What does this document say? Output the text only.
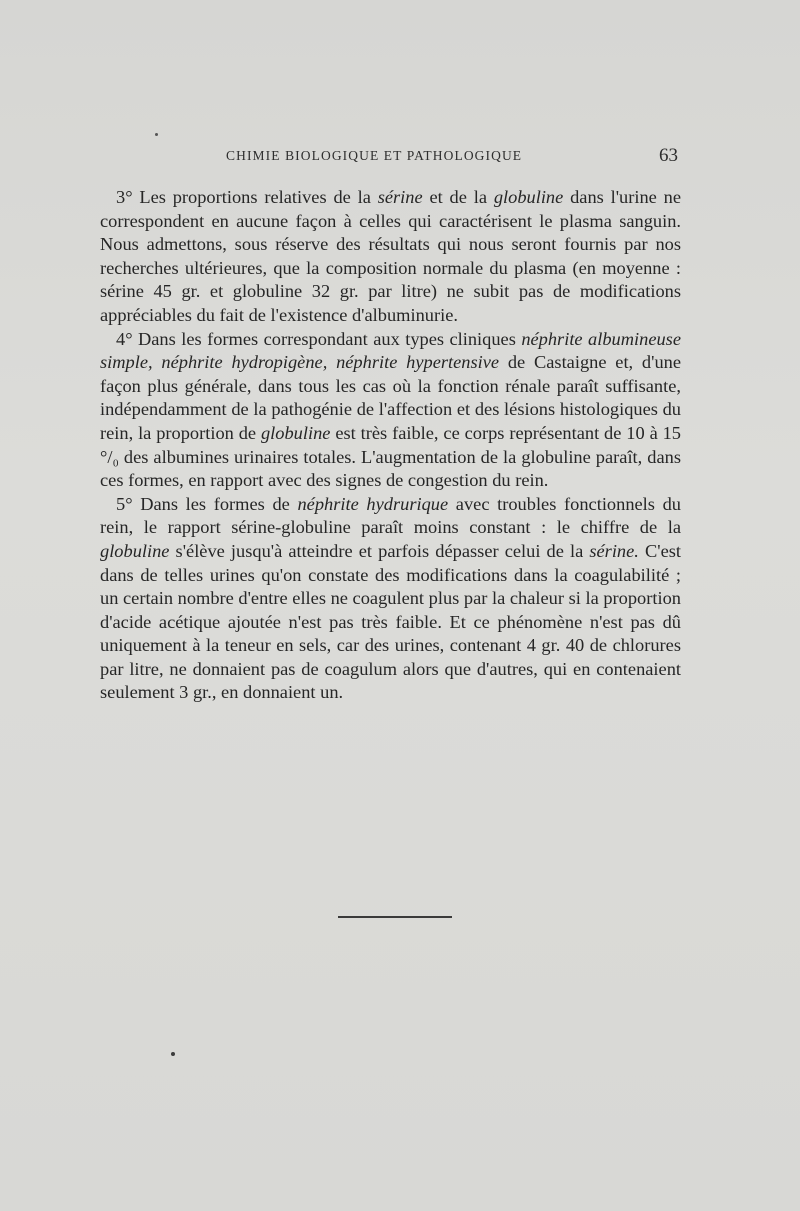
CHIMIE BIOLOGIQUE ET PATHOLOGIQUE	63

3° Les proportions relatives de la sérine et de la globuline dans l'urine ne correspondent en aucune façon à celles qui caractérisent le plasma sanguin. Nous admettons, sous réserve des résultats qui nous seront fournis par nos recherches ultérieures, que la composition normale du plasma (en moyenne : sérine 45 gr. et globuline 32 gr. par litre) ne subit pas de modifications appréciables du fait de l'existence d'albuminurie.

4° Dans les formes correspondant aux types cliniques néphrite albumineuse simple, néphrite hydropigène, néphrite hypertensive de Castaigne et, d'une façon plus générale, dans tous les cas où la fonction rénale paraît suffisante, indépendamment de la pathogénie de l'affection et des lésions histologiques du rein, la proportion de globuline est très faible, ce corps représentant de 10 à 15 °/₀ des albumines urinaires totales. L'augmentation de la globuline paraît, dans ces formes, en rapport avec des signes de congestion du rein.

5° Dans les formes de néphrite hydrurique avec troubles fonctionnels du rein, le rapport sérine-globuline paraît moins constant : le chiffre de la globuline s'élève jusqu'à atteindre et parfois dépasser celui de la sérine. C'est dans de telles urines qu'on constate des modifications dans la coagulabilité ; un certain nombre d'entre elles ne coagulent plus par la chaleur si la proportion d'acide acétique ajoutée n'est pas très faible. Et ce phénomène n'est pas dû uniquement à la teneur en sels, car des urines, contenant 4 gr. 40 de chlorures par litre, ne donnaient pas de coagulum alors que d'autres, qui en contenaient seulement 3 gr., en donnaient un.
